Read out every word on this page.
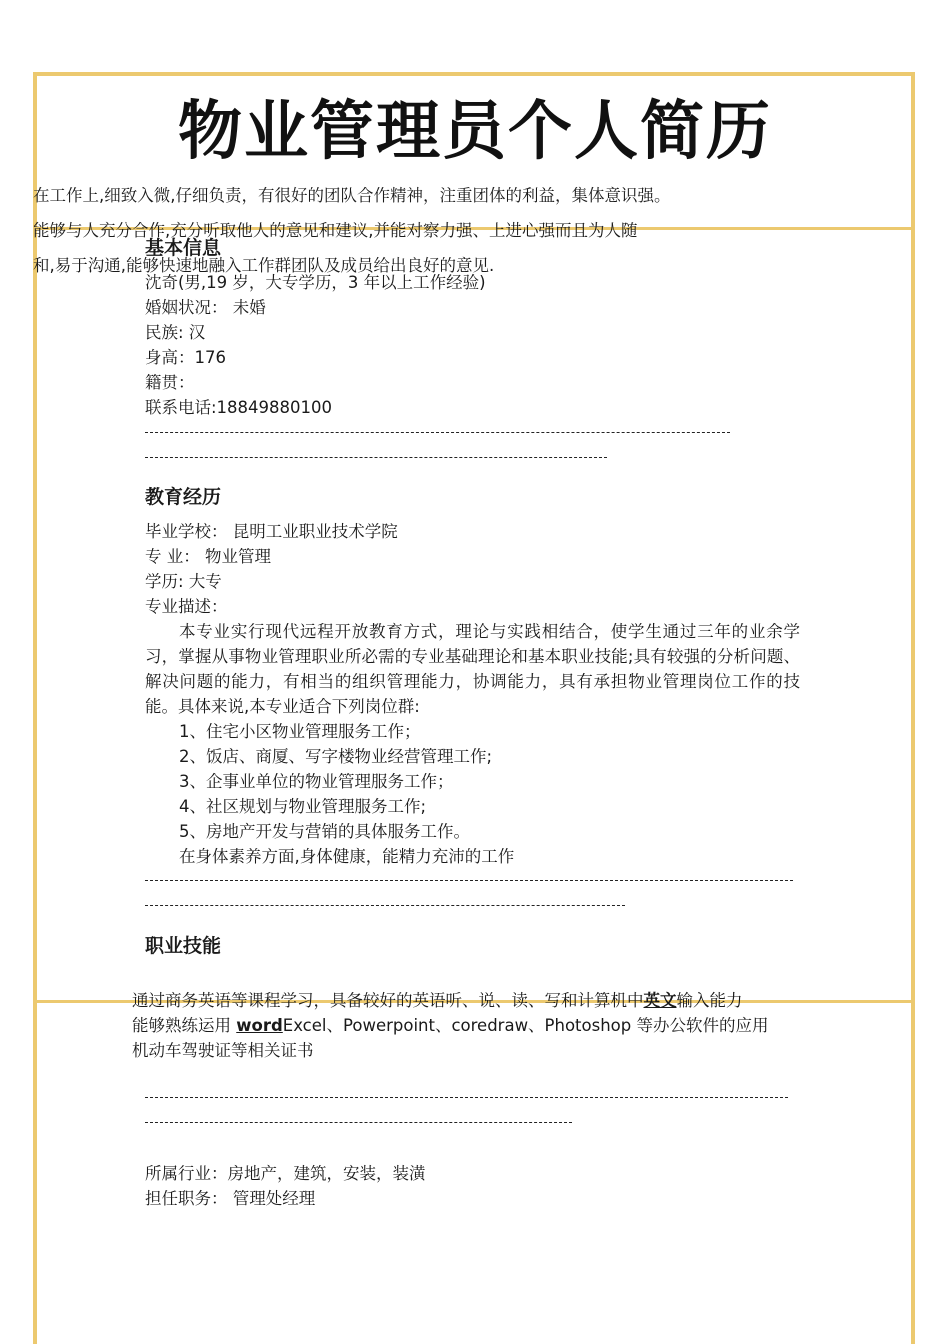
物业管理员个人简历
在工作上,细致入微,仔细负责，有很好的团队合作精神，注重团体的利益，集体意识强。
能够与人充分合作,充分听取他人的意见和建议,并能对察力强、上进心强而且为人随
和,易于沟通,能够快速地融入工作群团队及成员给出良好的意见.
基本信息
沈奇(男,19 岁，大专学历，3 年以上工作经验)
婚姻状况： 未婚
民族: 汉
身高：176
籍贯：
联系电话:18849880100
教育经历
毕业学校： 昆明工业职业技术学院
专 业： 物业管理
学历: 大专
专业描述：
本专业实行现代远程开放教育方式，理论与实践相结合，使学生通过三年的业余学习，掌握从事物业管理职业所必需的专业基础理论和基本职业技能;具有较强的分析问题、解决问题的能力，有相当的组织管理能力，协调能力，具有承担物业管理岗位工作的技能。具体来说,本专业适合下列岗位群:
1、住宅小区物业管理服务工作；
2、饭店、商厦、写字楼物业经营管理工作;
3、企事业单位的物业管理服务工作；
4、社区规划与物业管理服务工作;
5、房地产开发与营销的具体服务工作。
在身体素养方面,身体健康，能精力充沛的工作
职业技能
通过商务英语等课程学习，具备较好的英语听、说、读、写和计算机中英文输入能力
能够熟练运用 wordExcel、Powerpoint、coredraw、Photoshop 等办公软件的应用
机动车驾驶证等相关证书
所属行业：房地产，建筑，安装，装潢
担任职务： 管理处经理
